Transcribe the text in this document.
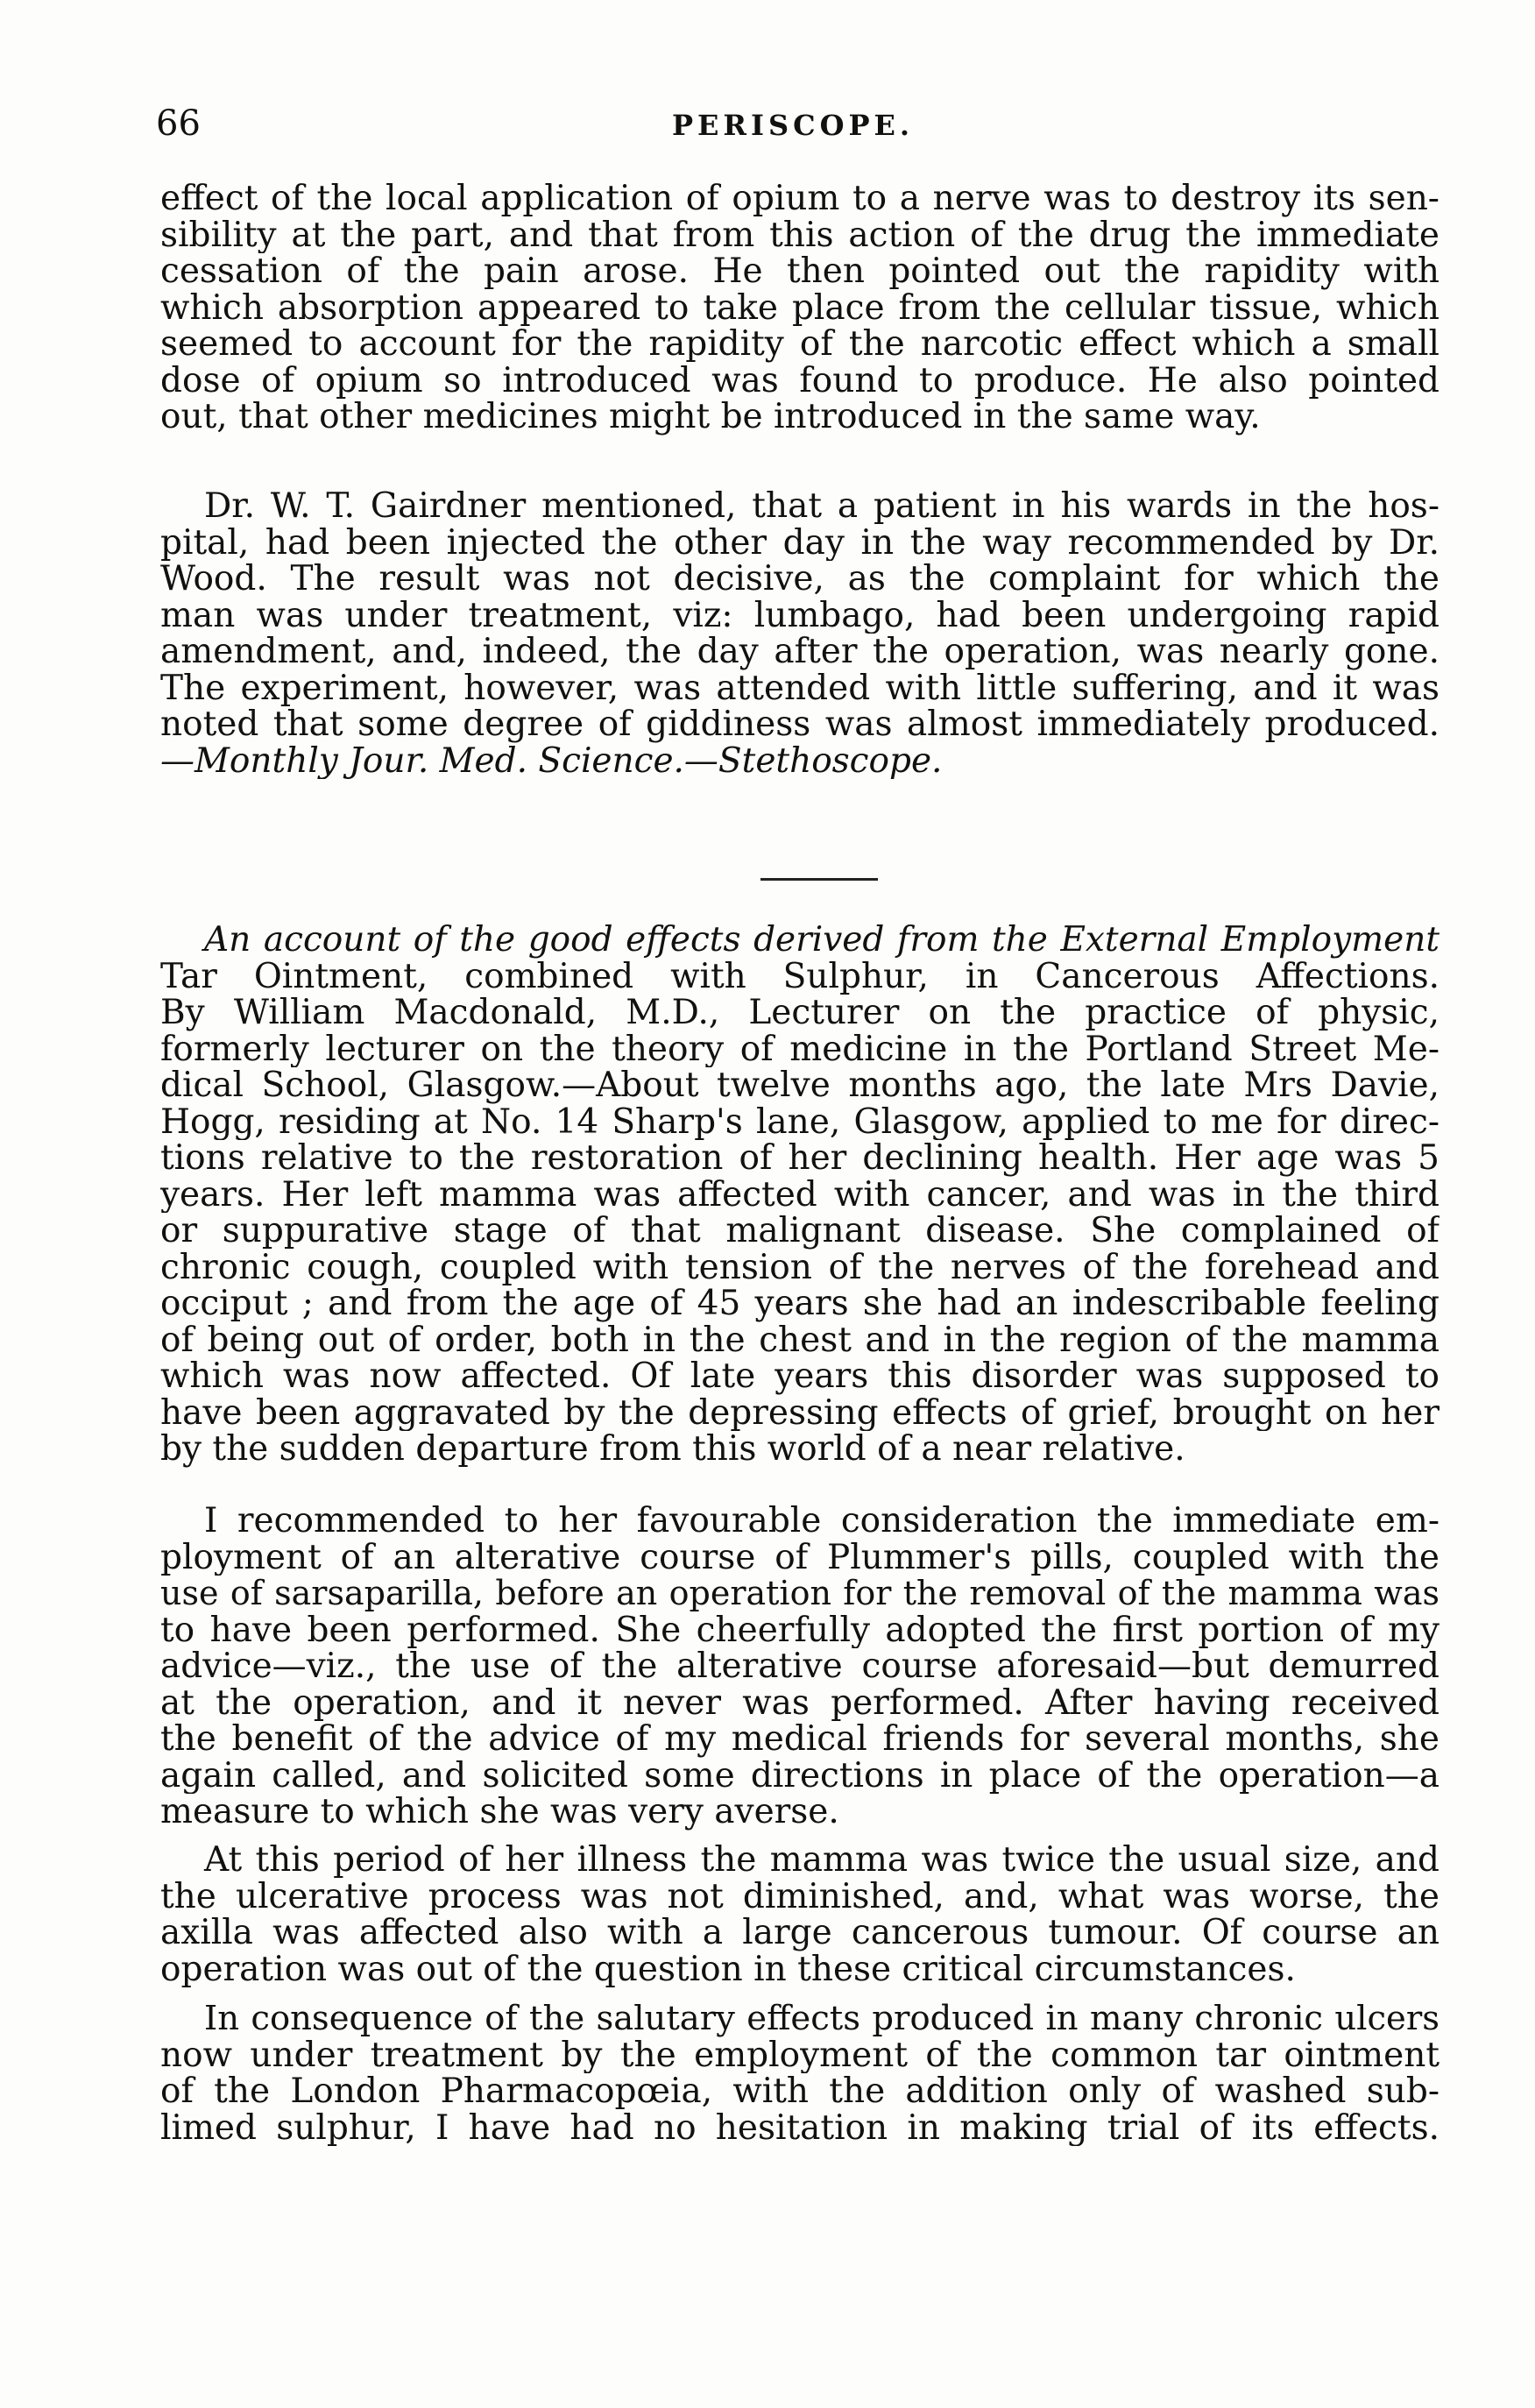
66	PERISCOPE.
effect of the local application of opium to a nerve was to destroy its sen-
sibility at the part, and that from this action of the drug the immediate
cessation of the pain arose. He then pointed out the rapidity with
which absorption appeared to take place from the cellular tissue, which
seemed to account for the rapidity of the narcotic effect which a small
dose of opium so introduced was found to produce. He also pointed
out, that other medicines might be introduced in the same way.
Dr. W. T. Gairdner mentioned, that a patient in his wards in the hos-
pital, had been injected the other day in the way recommended by Dr.
Wood. The result was not decisive, as the complaint for which the
man was under treatment, viz: lumbago, had been undergoing rapid
amendment, and, indeed, the day after the operation, was nearly gone.
The experiment, however, was attended with little suffering, and it was
noted that some degree of giddiness was almost immediately produced.
—Monthly Jour. Med. Science.—Stethoscope.
An account of the good effects derived from the External Employment
Tar Ointment, combined with Sulphur, in Cancerous Affections.
By William Macdonald, M.D., Lecturer on the practice of physic,
formerly lecturer on the theory of medicine in the Portland Street Me-
dical School, Glasgow.—About twelve months ago, the late Mrs Davie,
Hogg, residing at No. 14 Sharp's lane, Glasgow, applied to me for direc-
tions relative to the restoration of her declining health. Her age was 5
years. Her left mamma was affected with cancer, and was in the third
or suppurative stage of that malignant disease. She complained of
chronic cough, coupled with tension of the nerves of the forehead and
occiput ; and from the age of 45 years she had an indescribable feeling
of being out of order, both in the chest and in the region of the mamma
which was now affected. Of late years this disorder was supposed to
have been aggravated by the depressing effects of grief, brought on her
by the sudden departure from this world of a near relative.
I recommended to her favourable consideration the immediate em-
ployment of an alterative course of Plummer's pills, coupled with the
use of sarsaparilla, before an operation for the removal of the mamma was
to have been performed. She cheerfully adopted the first portion of my
advice—viz., the use of the alterative course aforesaid—but demurred
at the operation, and it never was performed. After having received
the benefit of the advice of my medical friends for several months, she
again called, and solicited some directions in place of the operation—a
measure to which she was very averse.
At this period of her illness the mamma was twice the usual size, and
the ulcerative process was not diminished, and, what was worse, the
axilla was affected also with a large cancerous tumour. Of course an
operation was out of the question in these critical circumstances.
In consequence of the salutary effects produced in many chronic ulcers
now under treatment by the employment of the common tar ointment
of the London Pharmacopœia, with the addition only of washed sub-
limed sulphur, I have had no hesitation in making trial of its effects.
